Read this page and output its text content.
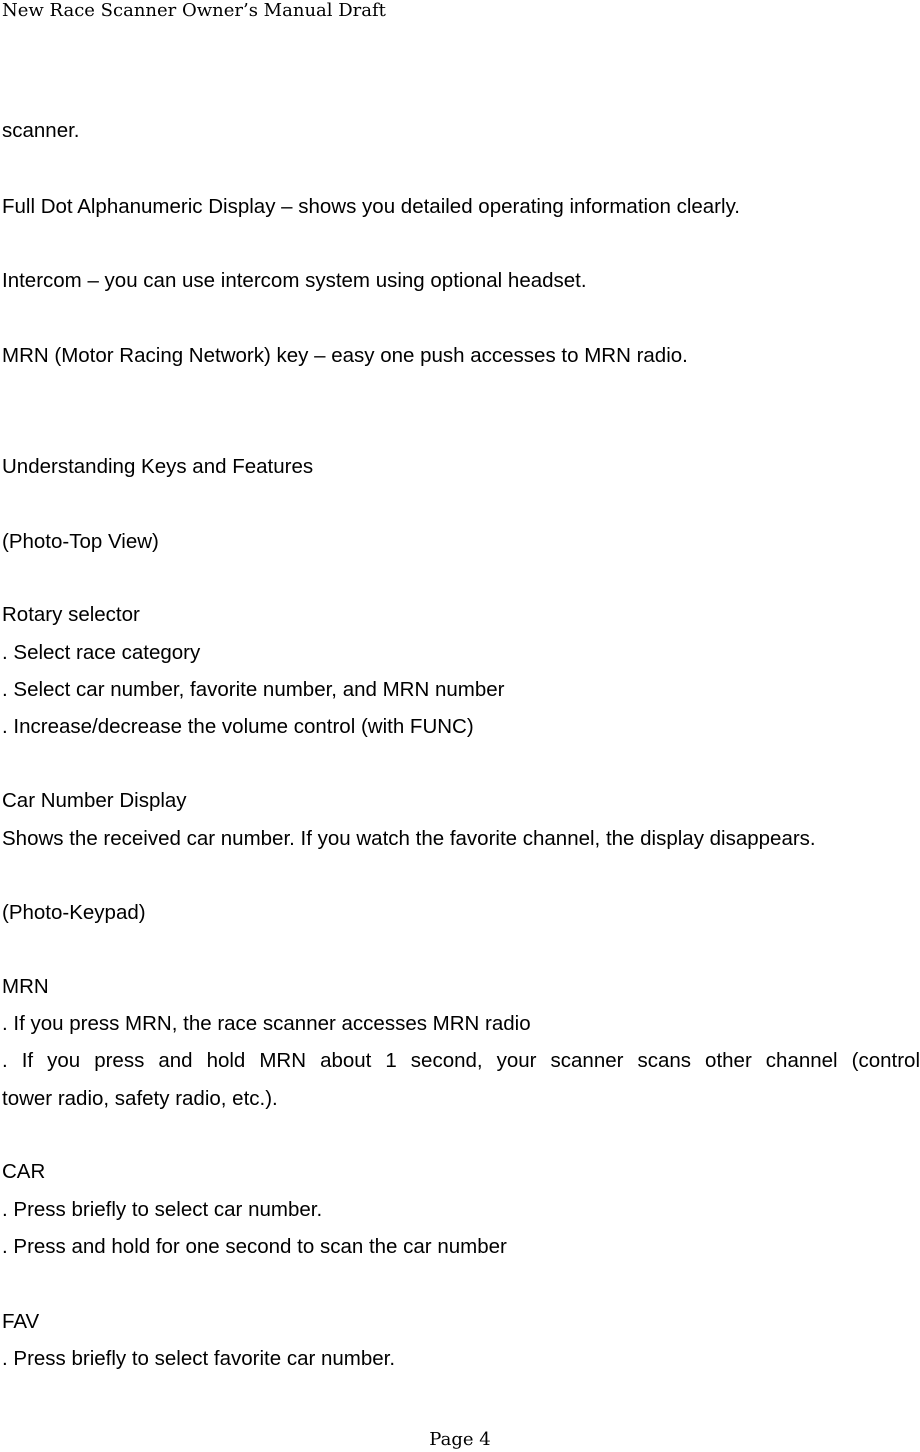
New Race Scanner Owner’s Manual Draft
scanner.
Full Dot Alphanumeric Display – shows you detailed operating information clearly.
Intercom – you can use intercom system using optional headset.
MRN (Motor Racing Network) key – easy one push accesses to MRN radio.
Understanding Keys and Features
(Photo-Top View)
Rotary selector
. Select race category
. Select car number, favorite number, and MRN number
. Increase/decrease the volume control (with FUNC)
Car Number Display
Shows the received car number. If you watch the favorite channel, the display disappears.
(Photo-Keypad)
MRN
. If you press MRN, the race scanner accesses MRN radio
. If you press and hold MRN about 1 second, your scanner scans other channel (control
tower radio, safety radio, etc.).
CAR
. Press briefly to select car number.
. Press and hold for one second to scan the car number
FAV
. Press briefly to select favorite car number.
Page 4
